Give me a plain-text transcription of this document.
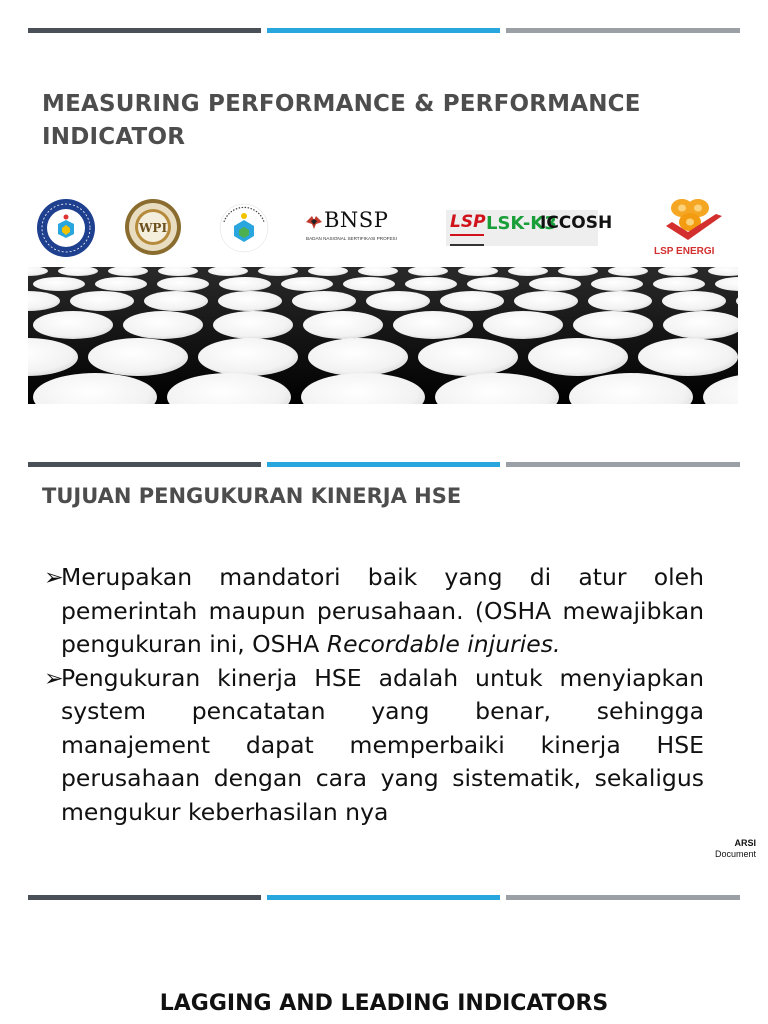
MEASURING PERFORMANCE & PERFORMANCE INDICATOR
WPI	BNSP
BADAN NASIONAL SERTIFIKASI PROFESI
LSP LSK-K3
ICCOSH
LSP ENERGI
TUJUAN PENGUKURAN KINERJA HSE
➢
Merupakan mandatori baik yang di atur oleh pemerintah maupun perusahaan. (OSHA mewajibkan pengukuran ini, OSHA Recordable injuries.
➢
Pengukuran kinerja HSE adalah untuk menyiapkan system pencatatan yang benar, sehingga manajement dapat memperbaiki kinerja HSE perusahaan dengan cara yang sistematik, sekaligus mengukur keberhasilan nya
ARSI
Document
LAGGING AND LEADING INDICATORS
